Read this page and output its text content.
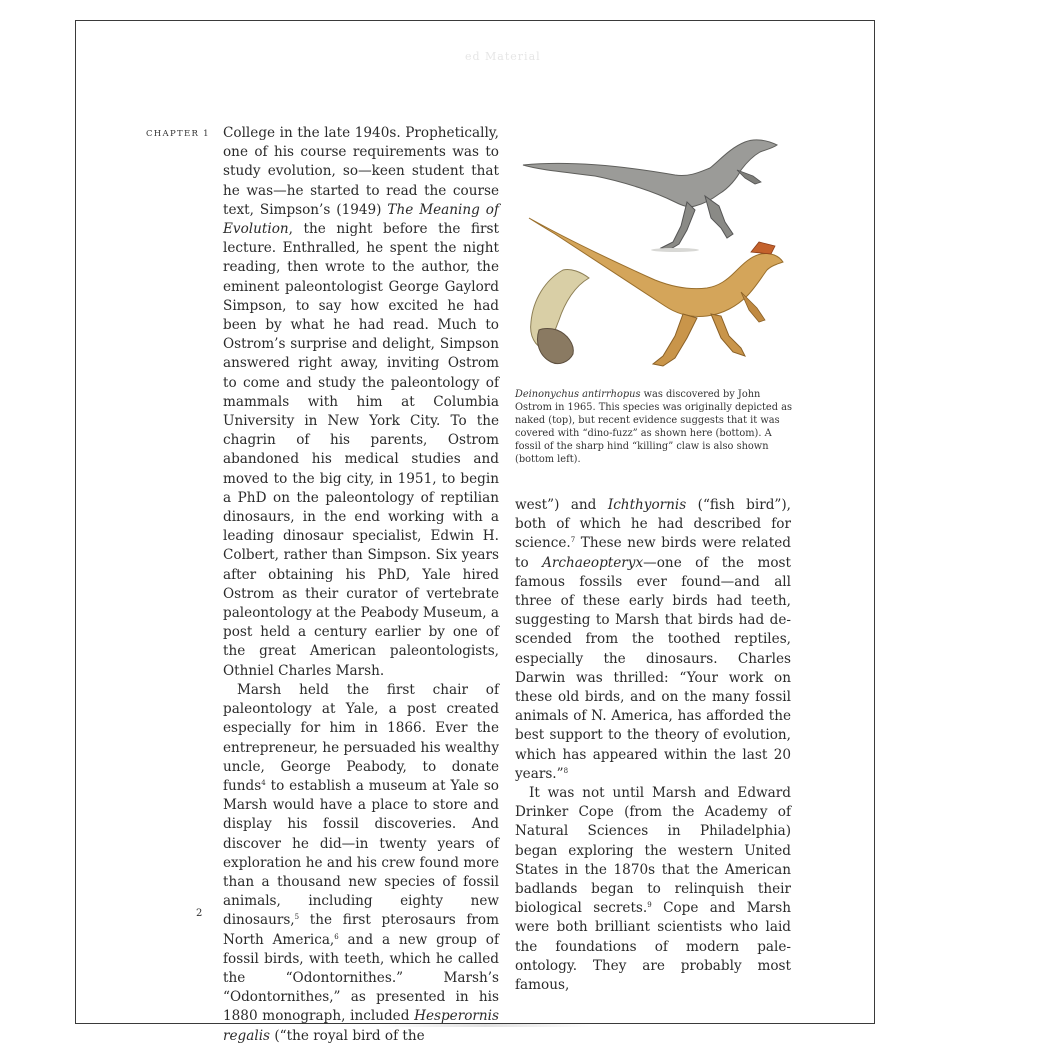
ed Material
CHAPTER 1
2

College in the late 1940s. Prophetically, one of his course requirements was to study evolution, so—keen student that he was—he started to read the course text, Simpson’s (1949) The Meaning of Evolution, the night before the first lecture. Enthralled, he spent the night reading, then wrote to the author, the eminent paleontologist George Gaylord Simpson, to say how excited he had been by what he had read. Much to Ostrom’s surprise and delight, Simpson answered right away, inviting Ostrom to come and study the paleontology of mammals with him at Columbia University in New York City. To the chagrin of his parents, Ostrom abandoned his medical studies and moved to the big city, in 1951, to begin a PhD on the paleontology of reptilian dinosaurs, in the end working with a leading dinosaur specialist, Edwin H. Colbert, rather than Simpson. Six years after obtaining his PhD, Yale hired Ostrom as their curator of vertebrate paleontology at the Peabody Museum, a post held a century earlier by one of the great American paleontologists, Othniel Charles Marsh.

Marsh held the first chair of paleontology at Yale, a post created especially for him in 1866. Ever the entrepreneur, he persuaded his wealthy uncle, George Peabody, to donate funds$^4$ to establish a museum at Yale so Marsh would have a place to store and display his fossil discoveries. And discover he did—in twenty years of exploration he and his crew found more than a thousand new species of fossil animals, including eighty new dinosaurs,$^5$ the first pterosaurs from North America,$^6$ and a new group of fossil birds, with teeth, which he called the “Odontornithes.” Marsh’s “Odontornithes,” as presented in his 1880 monograph, included Hesperornis regalis (“the royal bird of the

Deinonychus antirrhopus was discovered by John Ostrom in 1965. This species was originally depicted as naked (top), but recent evidence suggests that it was covered with “dino-fuzz” as shown here (bottom). A fossil of the sharp hind “killing” claw is also shown (bottom left).

west”) and Ichthyornis (“fish bird”), both of which he had described for science.$^7$ These new birds were related to Archaeopteryx—one of the most famous fossils ever found—and all three of these early birds had teeth, suggesting to Marsh that birds had descended from the toothed reptiles, especially the dinosaurs. Charles Darwin was thrilled: “Your work on these old birds, and on the many fossil animals of N. America, has afforded the best support to the theory of evolution, which has appeared within the last 20 years.”$^8$

It was not until Marsh and Edward Drinker Cope (from the Academy of Natural Sciences in Philadelphia) began exploring the western United States in the 1870s that the American badlands began to relinquish their biological secrets.$^9$ Cope and Marsh were both brilliant scientists who laid the foundations of modern paleontology. They are probably most famous,
